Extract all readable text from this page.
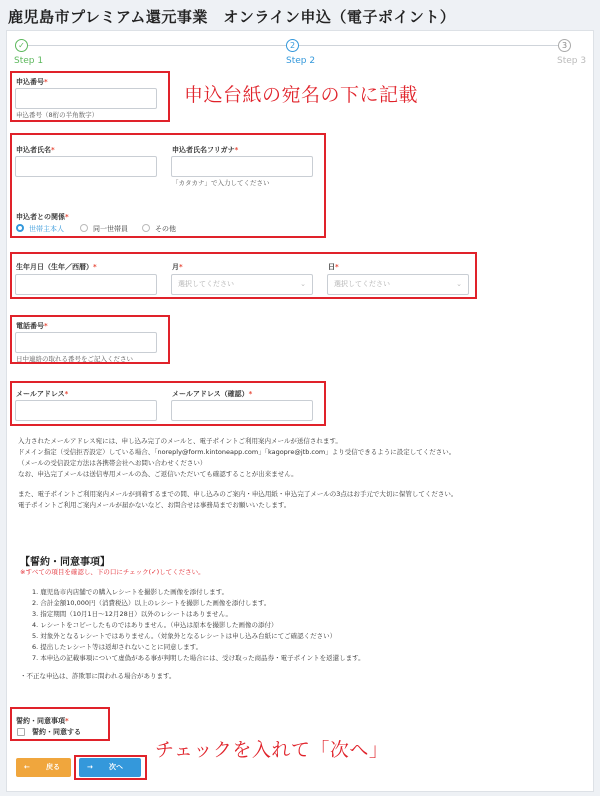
鹿児島市プレミアム還元事業　オンライン申込（電子ポイント）
✓	2	3
Step 1	Step 2	Step 3
申込番号*
申込番号（8桁の半角数字）
申込台紙の宛名の下に記載
申込者氏名*	申込者氏名フリガナ*
「カタカナ」で入力してください
申込者との関係*
世帯主本人	同一世帯員	その他
生年月日（生年／西暦）*	月*
選択してください	⌄
日*
選択してください	⌄
電話番号*
日中連絡の取れる番号をご記入ください
メールアドレス*	メールアドレス（確認）*
入力されたメールアドレス宛には、申し込み完了のメールと、電子ポイントご利用案内メールが送信されます。
ドメイン指定（受信拒否設定）している場合、「noreply@form.kintoneapp.com」「kagopre@jtb.com」より受信できるように設定してください。
（メールの受信設定方法は各携帯会社へお問い合わせください）
なお、申込完了メールは送信専用メールの為、ご返信いただいても確認することが出来ません。
また、電子ポイントご利用案内メールが到着するまでの間、申し込みのご案内・申込用紙・申込完了メールの3点はお手元で大切に保管してください。
電子ポイントご利用ご案内メールが届かないなど、お問合せは事務局までお願いいたします。
【誓約・同意事項】
※すべての項目を確認し、下の口にチェック(✓)してください。
1. 鹿児島市内店舗での購入レシートを撮影した画像を添付します。
2. 合計金額10,000円（消費税込）以上のレシートを撮影した画像を添付します。
3. 指定期間（10月1日〜12月28日）以外のレシートはありません。
4. レシートをコピーしたものではありません。（申込は原本を撮影した画像の添付）
5. 対象外となるレシートではありません。（対象外となるレシートは申し込み台紙にてご確認ください）
6. 提出したレシート等は返却されないことに同意します。
7. 本申込の記載事項について虚偽がある事が判明した場合には、受け取った商品券・電子ポイントを返還します。
・不正な申込は、詐欺罪に問われる場合があります。
誓約・同意事項*
誓約・同意する
← 戻る	→ 次へ
チェックを入れて「次へ」
